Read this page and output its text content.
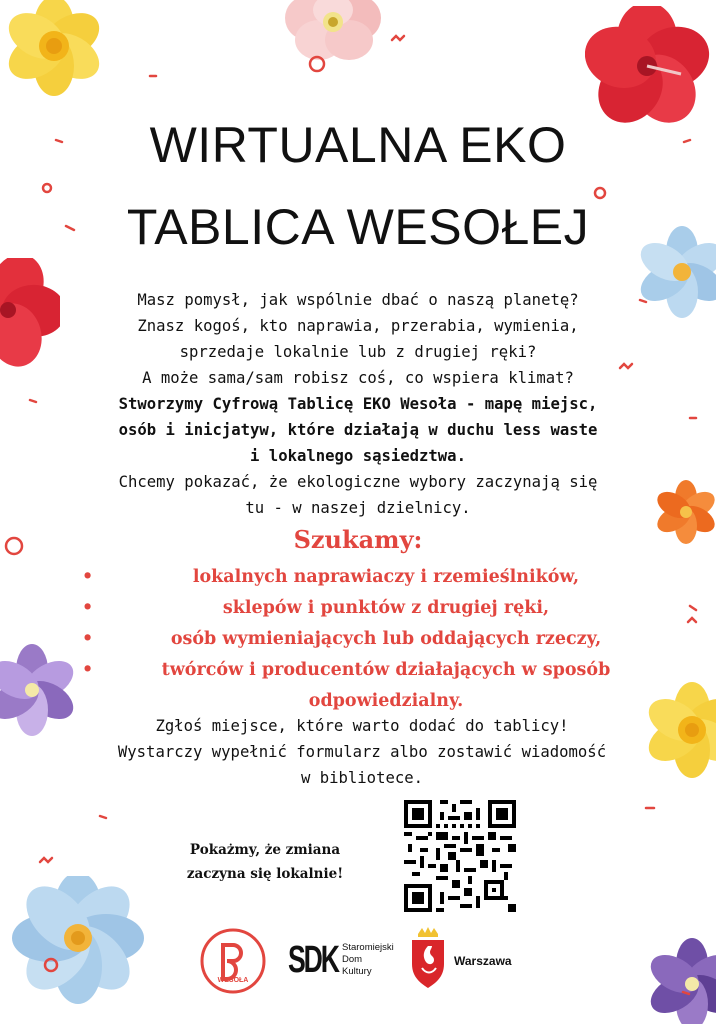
WIRTUALNA EKO
TABLICA WESOŁEJ
Masz pomysł, jak wspólnie dbać o naszą planetę?
Znasz kogoś, kto naprawia, przerabia, wymienia,
sprzedaje lokalnie lub z drugiej ręki?
A może sama/sam robisz coś, co wspiera klimat?
Stworzymy Cyfrową Tablicę EKO Wesoła - mapę miejsc,
osób i inicjatyw, które działają w duchu less waste
i lokalnego sąsiedztwa.
Chcemy pokazać, że ekologiczne wybory zaczynają się
tu - w naszej dzielnicy.
Szukamy:
•	lokalnych naprawiaczy i rzemieślników,
•	sklepów i punktów z drugiej ręki,
•	osób wymieniających lub oddających rzeczy,
•	twórców i producentów działających w sposób odpowiedzialny.
Zgłoś miejsce, które warto dodać do tablicy!
Wystarczy wypełnić formularz albo zostawić wiadomość
w bibliotece.
Pokażmy, że zmiana
zaczyna się lokalnie!
WESOŁA SDK Staromiejski
Dom
Kultury
Warszawa
